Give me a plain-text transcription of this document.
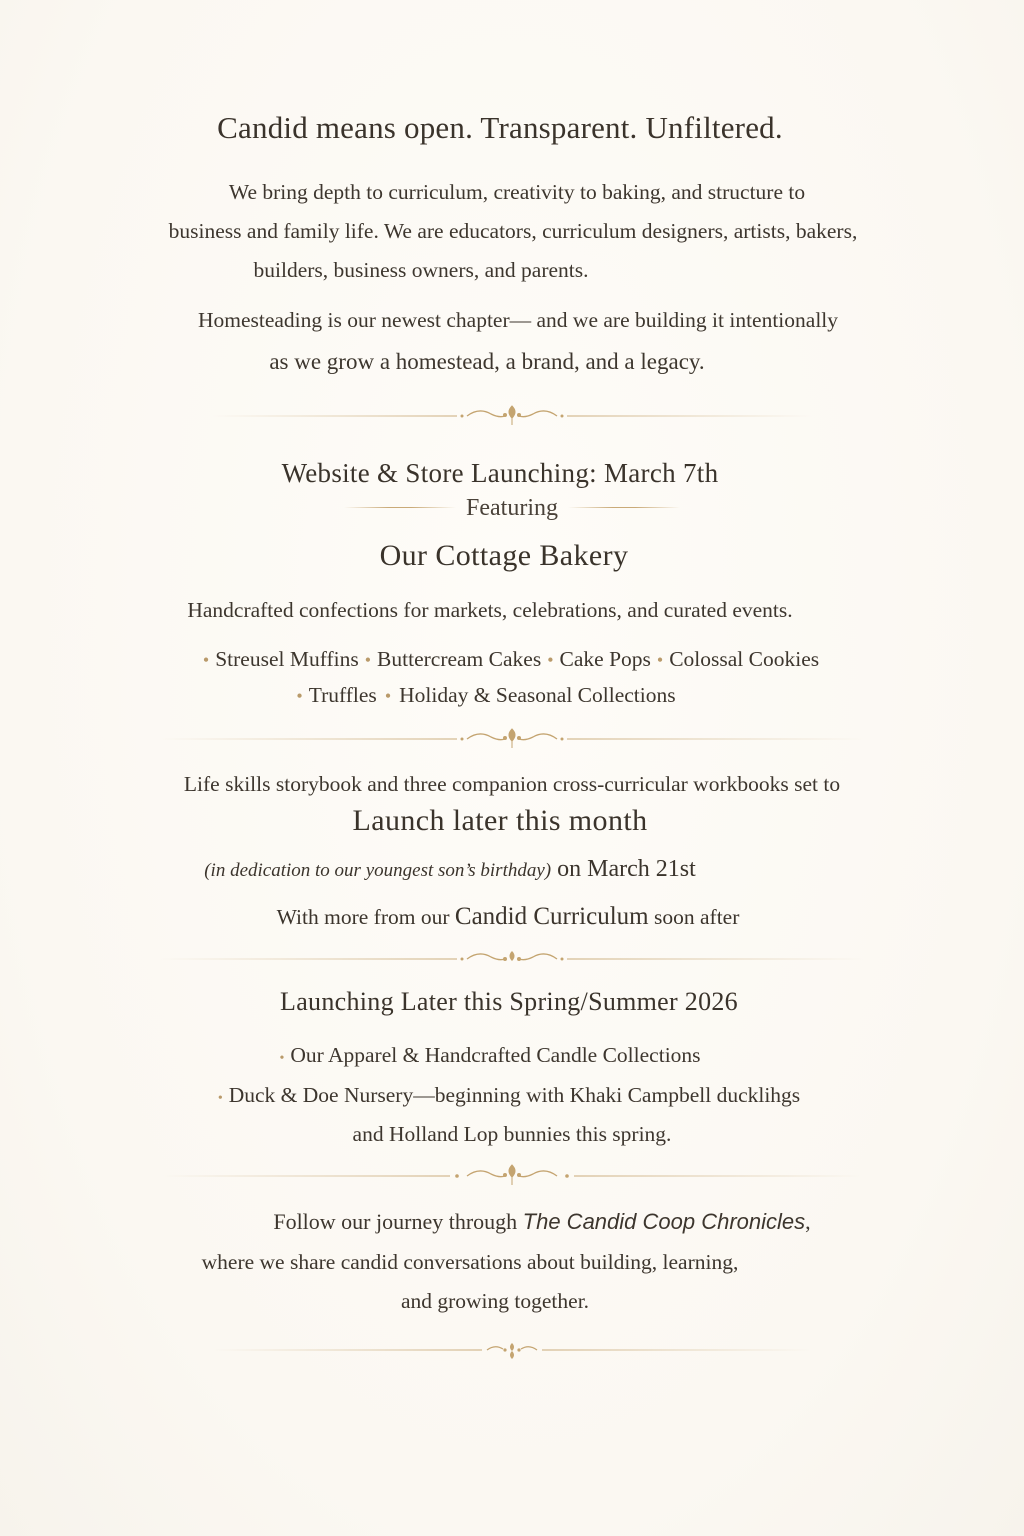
Candid means open. Transparent. Unfiltered.
We bring depth to curriculum, creativity to baking, and structure to
business and family life. We are educators, curriculum designers, artists, bakers,
builders, business owners, and parents.
Homesteading is our newest chapter— and we are building it intentionally
as we grow a homestead, a brand, and a legacy.
Website & Store Launching: March 7th
Featuring
Our Cottage Bakery
Handcrafted confections for markets, celebrations, and curated events.
• Streusel Muffins • Buttercream Cakes • Cake Pops • Colossal Cookies
• Truffles • Holiday & Seasonal Collections
Life skills storybook and three companion cross-curricular workbooks set to
Launch later this month
(in dedication to our youngest son’s birthday) on March 21st
With more from our Candid Curriculum soon after
Launching Later this Spring/Summer 2026
• Our Apparel & Handcrafted Candle Collections
• Duck & Doe Nursery—beginning with Khaki Campbell ducklihgs
and Holland Lop bunnies this spring.
Follow our journey through The Candid Coop Chronicles,
where we share candid conversations about building, learning,
and growing together.
